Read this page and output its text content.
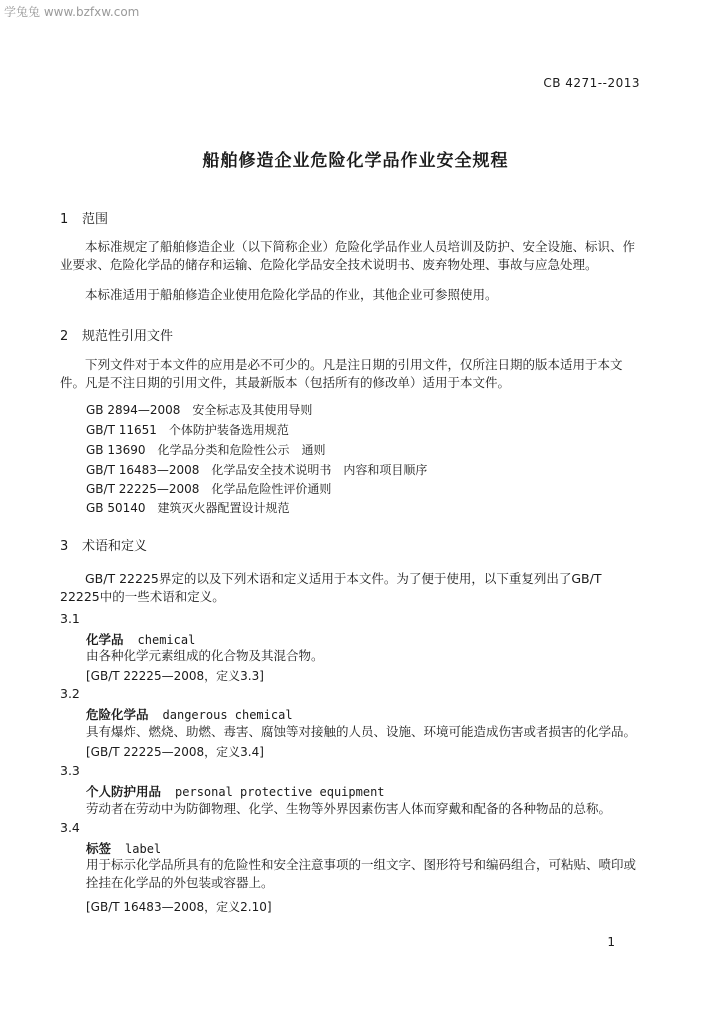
学兔兔 www.bzfxw.com
CB 4271--2013
船舶修造企业危险化学品作业安全规程
1 范围
本标准规定了船舶修造企业（以下简称企业）危险化学品作业人员培训及防护、安全设施、标识、作业要求、危险化学品的储存和运输、危险化学品安全技术说明书、废弃物处理、事故与应急处理。
本标准适用于船舶修造企业使用危险化学品的作业，其他企业可参照使用。
2 规范性引用文件
下列文件对于本文件的应用是必不可少的。凡是注日期的引用文件，仅所注日期的版本适用于本文件。凡是不注日期的引用文件，其最新版本（包括所有的修改单）适用于本文件。
GB 2894—2008　安全标志及其使用导则
GB/T 11651　个体防护装备选用规范
GB 13690　化学品分类和危险性公示　通则
GB/T 16483—2008　化学品安全技术说明书　内容和项目顺序
GB/T 22225—2008　化学品危险性评价通则
GB 50140　建筑灭火器配置设计规范
3 术语和定义
GB/T 22225界定的以及下列术语和定义适用于本文件。为了便于使用，以下重复列出了GB/T 22225中的一些术语和定义。
3.1
化学品 chemical
由各种化学元素组成的化合物及其混合物。
[GB/T 22225—2008，定义3.3]
3.2
危险化学品 dangerous chemical
具有爆炸、燃烧、助燃、毒害、腐蚀等对接触的人员、设施、环境可能造成伤害或者损害的化学品。
[GB/T 22225—2008，定义3.4]
3.3
个人防护用品 personal protective equipment
劳动者在劳动中为防御物理、化学、生物等外界因素伤害人体而穿戴和配备的各种物品的总称。
3.4
标签 label
用于标示化学品所具有的危险性和安全注意事项的一组文字、图形符号和编码组合，可粘贴、喷印或拴挂在化学品的外包装或容器上。
[GB/T 16483—2008，定义2.10]
1
